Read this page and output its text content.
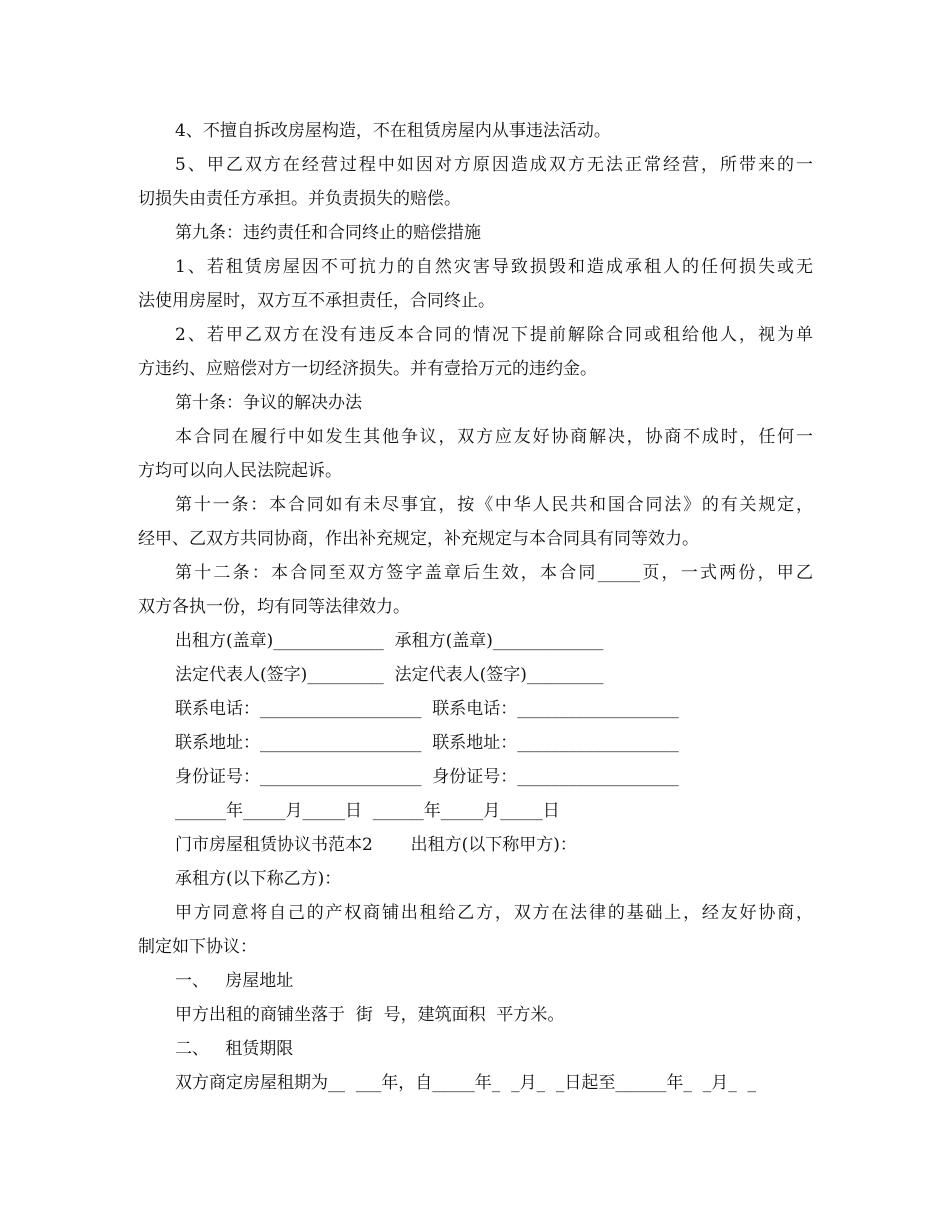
4、不擅自拆改房屋构造，不在租赁房屋内从事违法活动。

5、甲乙双方在经营过程中如因对方原因造成双方无法正常经营，所带来的一

切损失由责任方承担。并负责损失的赔偿。

第九条：违约责任和合同终止的赔偿措施

1、若租赁房屋因不可抗力的自然灾害导致损毁和造成承租人的任何损失或无

法使用房屋时，双方互不承担责任，合同终止。

2、若甲乙双方在没有违反本合同的情况下提前解除合同或租给他人，视为单

方违约、应赔偿对方一切经济损失。并有壹拾万元的违约金。

第十条：争议的解决办法

本合同在履行中如发生其他争议，双方应友好协商解决，协商不成时，任何一

方均可以向人民法院起诉。

第十一条：本合同如有未尽事宜，按《中华人民共和国合同法》的有关规定，

经甲、乙双方共同协商，作出补充规定，补充规定与本合同具有同等效力。

第十二条：本合同至双方签字盖章后生效，本合同_____页，一式两份，甲乙

双方各执一份，均有同等法律效力。

出租方(盖章)_____________  承租方(盖章)_____________

法定代表人(签字)_________  法定代表人(签字)_________

联系电话：___________________  联系电话：___________________

联系地址：___________________  联系地址：___________________

身份证号：___________________  身份证号：___________________

______年_____月_____日  ______年_____月_____日

门市房屋租赁协议书范本2       出租方(以下称甲方)：

承租方(以下称乙方)：

甲方同意将自己的产权商铺出租给乙方，双方在法律的基础上，经友好协商，

制定如下协议：

一、   房屋地址

甲方出租的商铺坐落于  街  号，建筑面积  平方米。

二、   租赁期限

双方商定房屋租期为__  ___年，自_____年_  _月_  _日起至______年_  _月_  _
